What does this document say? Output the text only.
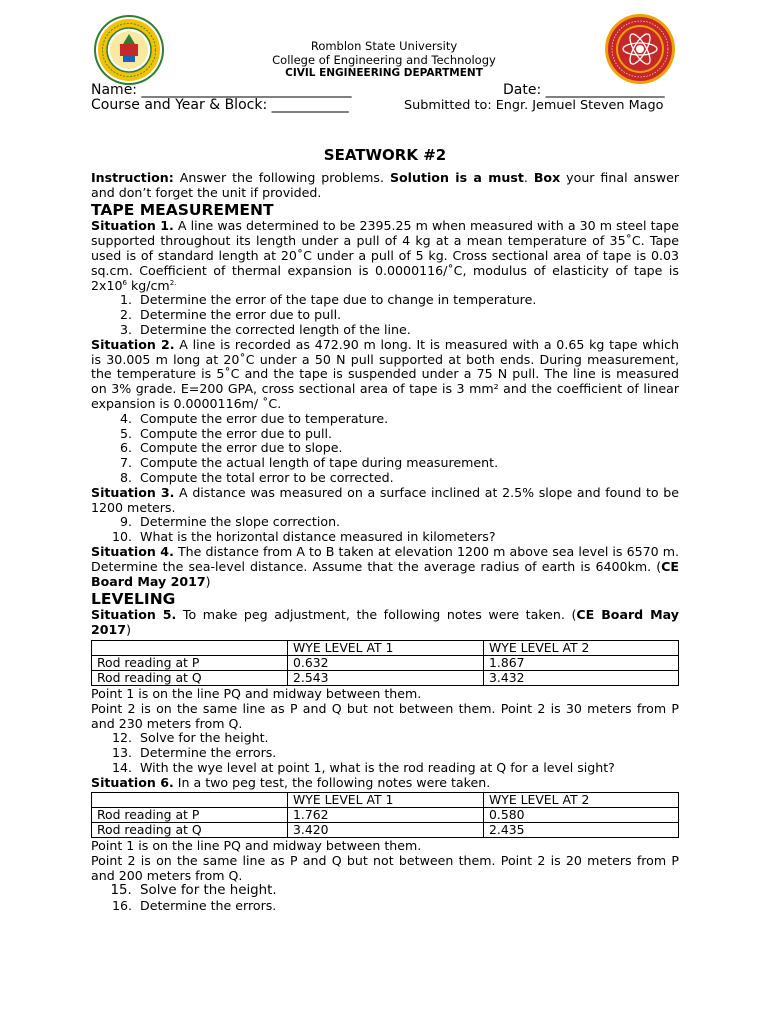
Romblon State University
College of Engineering and Technology
CIVIL ENGINEERING DEPARTMENT
Name: ______________________________	Date: _________________
Course and Year & Block: ___________	Submitted to: Engr. Jemuel Steven Mago
SEATWORK #2

Instruction: Answer the following problems. Solution is a must. Box your final answer and don’t forget the unit if provided.

TAPE MEASUREMENT

Situation 1. A line was determined to be 2395.25 m when measured with a 30 m steel tape supported throughout its length under a pull of 4 kg at a mean temperature of 35˚C. Tape used is of standard length at 20˚C under a pull of 5 kg. Cross sectional area of tape is 0.03 sq.cm. Coefficient of thermal expansion is 0.0000116/˚C, modulus of elasticity of tape is $2x10^6$ $kg/cm^{2.}$

1. Determine the error of the tape due to change in temperature.
2. Determine the error due to pull.
3. Determine the corrected length of the line.

Situation 2. A line is recorded as 472.90 m long. It is measured with a 0.65 kg tape which is 30.005 m long at 20˚C under a 50 N pull supported at both ends. During measurement, the temperature is 5˚C and the tape is suspended under a 75 N pull. The line is measured on 3% grade. E=200 GPA, cross sectional area of tape is 3 mm² and the coefficient of linear expansion is 0.0000116m/ ˚C.

4. Compute the error due to temperature.
5. Compute the error due to pull.
6. Compute the error due to slope.
7. Compute the actual length of tape during measurement.
8. Compute the total error to be corrected.

Situation 3. A distance was measured on a surface inclined at 2.5% slope and found to be 1200 meters.

9. Determine the slope correction.
10. What is the horizontal distance measured in kilometers?

Situation 4. The distance from A to B taken at elevation 1200 m above sea level is 6570 m. Determine the sea-level distance. Assume that the average radius of earth is 6400km. (CE Board May 2017)

LEVELING

Situation 5. To make peg adjustment, the following notes were taken. (CE Board May 2017)

	WYE LEVEL AT 1	WYE LEVEL AT 2
Rod reading at P	0.632	1.867
Rod reading at Q	2.543	3.432

Point 1 is on the line PQ and midway between them.

Point 2 is on the same line as P and Q but not between them. Point 2 is 30 meters from P and 230 meters from Q.

12. Solve for the height.
13. Determine the errors.
14. With the wye level at point 1, what is the rod reading at Q for a level sight?

Situation 6. In a two peg test, the following notes were taken.

	WYE LEVEL AT 1	WYE LEVEL AT 2
Rod reading at P	1.762	0.580
Rod reading at Q	3.420	2.435

Point 1 is on the line PQ and midway between them.

Point 2 is on the same line as P and Q but not between them. Point 2 is 20 meters from P and 200 meters from Q.

15. Solve for the height.
16. Determine the errors.
